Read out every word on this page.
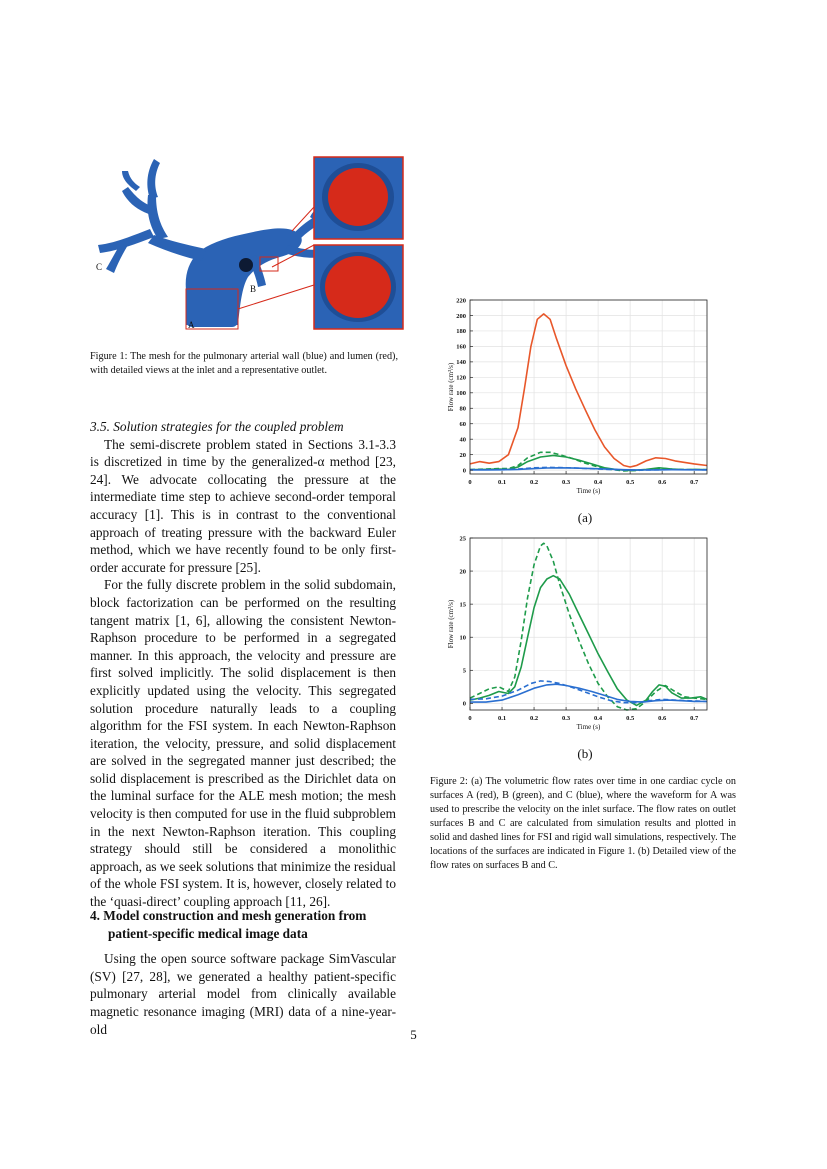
A
B
C
Figure 1: The mesh for the pulmonary arterial wall (blue) and lumen (red), with detailed views at the inlet and a representative outlet.
3.5. Solution strategies for the coupled problem

The semi-discrete problem stated in Sections 3.1-3.3 is discretized in time by the generalized-α method [23, 24]. We advocate collocating the pressure at the intermediate time step to achieve second-order temporal accuracy [1]. This is in contrast to the conventional approach of treating pressure with the backward Euler method, which we have recently found to be only first-order accurate for pressure [25].

For the fully discrete problem in the solid subdomain, block factorization can be performed on the resulting tangent matrix [1, 6], allowing the consistent Newton-Raphson procedure to be performed in a segregated manner. In this approach, the velocity and pressure are first solved implicitly. The solid displacement is then explicitly updated using the velocity. This segregated solution procedure naturally leads to a coupling algorithm for the FSI system. In each Newton-Raphson iteration, the velocity, pressure, and solid displacement are solved in the segregated manner just described; the solid displacement is prescribed as the Dirichlet data on the luminal surface for the ALE mesh motion; the mesh velocity is then computed for use in the fluid subproblem in the next Newton-Raphson iteration. This coupling strategy should still be considered a monolithic approach, as we seek solutions that minimize the residual of the whole FSI system. It is, however, closely related to the ‘quasi-direct’ coupling approach [11, 26].

4. Model construction and mesh generation from
patient-specific medical image data

Using the open source software package SimVascular (SV) [27, 28], we generated a healthy patient-specific pulmonary arterial model from clinically available magnetic resonance imaging (MRI) data of a nine-year-old

0	0.1	0.2	0.3	0.4	0.5	0.6	0.7
0
20
40
60
80
100
120
140
160
180
200
220
Time (s)
Flow rate (cm³/s)
(a)
0	0.1	0.2	0.3	0.4	0.5	0.6	0.7
0
5
10
15
20
25
Time (s)
Flow rate (cm³/s)
(b)
Figure 2: (a) The volumetric flow rates over time in one cardiac cycle on surfaces A (red), B (green), and C (blue), where the waveform for A was used to prescribe the velocity on the inlet surface. The flow rates on outlet surfaces B and C are calculated from simulation results and plotted in solid and dashed lines for FSI and rigid wall simulations, respectively. The locations of the surfaces are indicated in Figure 1. (b) Detailed view of the flow rates on surfaces B and C.
5
